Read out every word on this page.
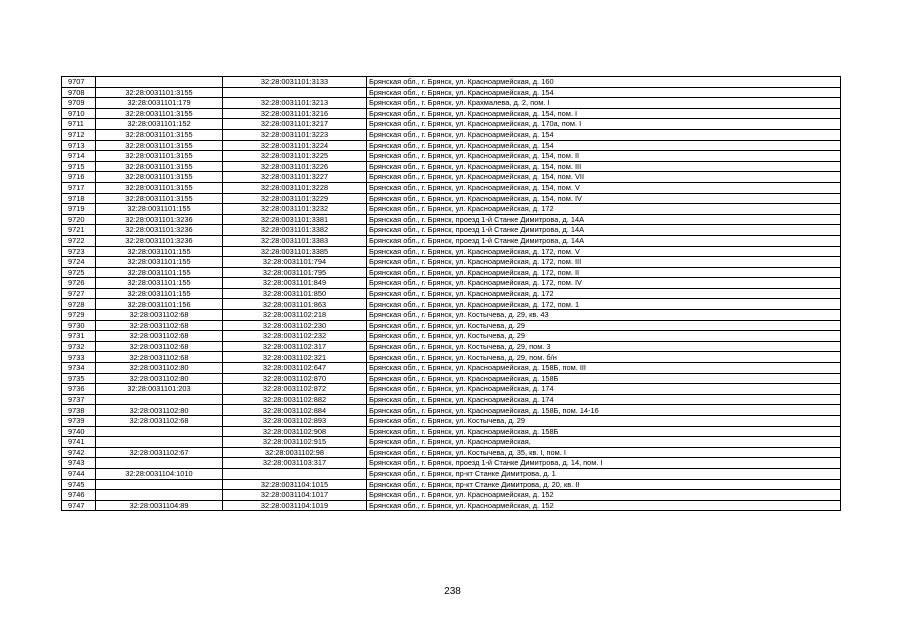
9707		32:28:0031101:3133	Брянская обл., г. Брянск, ул. Красноармейская, д. 160
9708	32:28:0031101:3155		Брянская обл., г. Брянск, ул. Красноармейская, д. 154
9709	32:28:0031101:179	32:28:0031101:3213	Брянская обл., г. Брянск, ул. Крахмалева, д. 2, пом. I
9710	32:28:0031101:3155	32:28:0031101:3216	Брянская обл., г. Брянск, ул. Красноармейская, д. 154, пом. I
9711	32:28:0031101:152	32:28:0031101:3217	Брянская обл., г. Брянск, ул. Красноармейская, д. 170а, пом. I
9712	32:28:0031101:3155	32:28:0031101:3223	Брянская обл., г. Брянск, ул. Красноармейская, д. 154
9713	32:28:0031101:3155	32:28:0031101:3224	Брянская обл., г. Брянск, ул. Красноармейская, д. 154
9714	32:28:0031101:3155	32:28:0031101:3225	Брянская обл., г. Брянск, ул. Красноармейская, д. 154, пом. II
9715	32:28:0031101:3155	32:28:0031101:3226	Брянская обл., г. Брянск, ул. Красноармейская, д. 154, пом. III
9716	32:28:0031101:3155	32:28:0031101:3227	Брянская обл., г. Брянск, ул. Красноармейская, д. 154, пом. VII
9717	32:28:0031101:3155	32:28:0031101:3228	Брянская обл., г. Брянск, ул. Красноармейская, д. 154, пом. V
9718	32:28:0031101:3155	32:28:0031101:3229	Брянская обл., г. Брянск, ул. Красноармейская, д. 154, пом. IV
9719	32:28:0031101:155	32:28:0031101:3232	Брянская обл., г. Брянск, ул. Красноармейская, д. 172
9720	32:28:0031101:3236	32:28:0031101:3381	Брянская обл., г. Брянск, проезд 1-й Станке Димитрова, д. 14А
9721	32:28:0031101:3236	32:28:0031101:3382	Брянская обл., г. Брянск, проезд 1-й Станке Димитрова, д. 14А
9722	32:28:0031101:3236	32:28:0031101:3383	Брянская обл., г. Брянск, проезд 1-й Станке Димитрова, д. 14А
9723	32:28:0031101:155	32:28:0031101:3385	Брянская обл., г. Брянск, ул. Красноармейская, д. 172, пом. V
9724	32:28:0031101:155	32:28:0031101:794	Брянская обл., г. Брянск, ул. Красноармейская, д. 172, пом. III
9725	32:28:0031101:155	32:28:0031101:795	Брянская обл., г. Брянск, ул. Красноармейская, д. 172, пом. II
9726	32:28:0031101:155	32:28:0031101:849	Брянская обл., г. Брянск, ул. Красноармейская, д. 172, пом. IV
9727	32:28:0031101:155	32:28:0031101:850	Брянская обл., г. Брянск, ул. Красноармейская, д. 172
9728	32:28:0031101:156	32:28:0031101:863	Брянская обл., г. Брянск, ул. Красноармейская, д. 172, пом. 1
9729	32:28:0031102:68	32:28:0031102:218	Брянская обл., г. Брянск, ул. Костычева, д. 29, кв. 43
9730	32:28:0031102:68	32:28:0031102:230	Брянская обл., г. Брянск, ул. Костычева, д. 29
9731	32:28:0031102:68	32:28:0031102:232	Брянская обл., г. Брянск, ул. Костычева, д. 29
9732	32:28:0031102:68	32:28:0031102:317	Брянская обл., г. Брянск, ул. Костычева, д. 29, пом. 3
9733	32:28:0031102:68	32:28:0031102:321	Брянская обл., г. Брянск, ул. Костычева, д. 29, пом. б/н
9734	32:28:0031102:80	32:28:0031102:647	Брянская обл., г. Брянск, ул. Красноармейская, д. 158Б, пом. III
9735	32:28:0031102:80	32:28:0031102:870	Брянская обл., г. Брянск, ул. Красноармейская, д. 158Б
9736	32:28:0031101:203	32:28:0031102:872	Брянская обл., г. Брянск, ул. Красноармейская, д. 174
9737		32:28:0031102:882	Брянская обл., г. Брянск, ул. Красноармейская, д. 174
9738	32:28:0031102:80	32:28:0031102:884	Брянская обл., г. Брянск, ул. Красноармейская, д. 158Б, пом. 14-16
9739	32:28:0031102:68	32:28:0031102:893	Брянская обл., г. Брянск, ул. Костычева, д. 29
9740		32:28:0031102:908	Брянская обл., г. Брянск, ул. Красноармейская, д. 158Б
9741		32:28:0031102:915	Брянская обл., г. Брянск, ул. Красноармейская,
9742	32:28:0031102:67	32:28:0031102:98	Брянская обл., г. Брянск, ул. Костычева, д. 35, кв. I, пом. I
9743		32:28:0031103:317	Брянская обл., г. Брянск, проезд 1-й Станке Димитрова, д. 14, пом. I
9744	32:28:0031104:1010		Брянская обл., г. Брянск, пр-кт Станке Димитрова, д. 1
9745		32:28:0031104:1015	Брянская обл., г. Брянск, пр-кт Станке Димитрова, д. 20, кв. II
9746		32:28:0031104:1017	Брянская обл., г. Брянск, ул. Красноармейская, д. 152
9747	32:28:0031104:89	32:28:0031104:1019	Брянская обл., г. Брянск, ул. Красноармейская, д. 152
238
